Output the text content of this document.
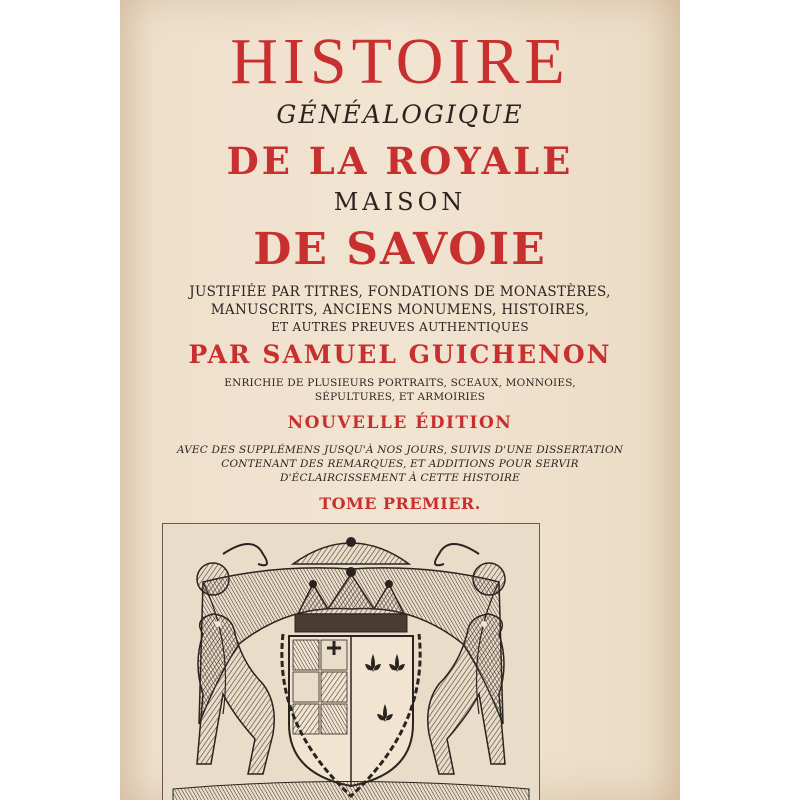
HISTOIRE
GÉNÉALOGIQUE
DE LA ROYALE
MAISON
DE SAVOIE
JUSTIFIÉE PAR TITRES, FONDATIONS DE MONASTÈRES,
MANUSCRITS, ANCIENS MONUMENS, HISTOIRES,
ET AUTRES PREUVES AUTHENTIQUES
PAR SAMUEL GUICHENON
ENRICHIE DE PLUSIEURS PORTRAITS, SCEAUX, MONNOIES,
SÉPULTURES, ET ARMOIRIES
NOUVELLE ÉDITION
AVEC DES SUPPLÉMENS JUSQU'À NOS JOURS, SUIVIS D'UNE DISSERTATION
CONTENANT DES REMARQUES, ET ADDITIONS POUR SERVIR
D'ÉCLAIRCISSEMENT À CETTE HISTOIRE
TOME PREMIER.
